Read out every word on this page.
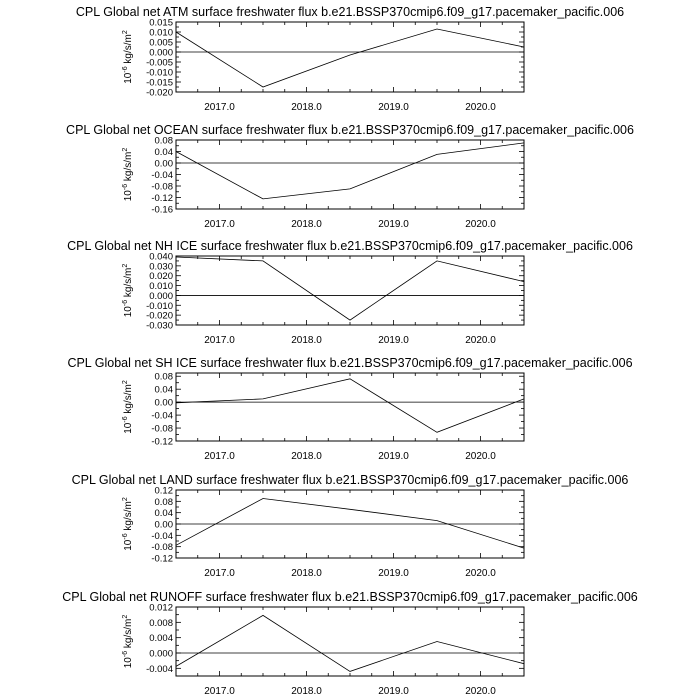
CPL Global net ATM surface freshwater flux b.e21.BSSP370cmip6.f09_g17.pacemaker_pacific.006
0.015
0.010
0.005
0.000
-0.005
-0.010
-0.015
-0.020
2017.0	2018.0	2019.0	2020.0
$10^{-6}$ $kg/s/m^2$
CPL Global net OCEAN surface freshwater flux b.e21.BSSP370cmip6.f09_g17.pacemaker_pacific.006
0.08
0.04
0.00
-0.04
-0.08
-0.12
-0.16
2017.0	2018.0	2019.0	2020.0
$10^{-6}$ $kg/s/m^2$
CPL Global net NH ICE surface freshwater flux b.e21.BSSP370cmip6.f09_g17.pacemaker_pacific.006
0.040
0.030
0.020
0.010
0.000
-0.010
-0.020
-0.030
2017.0	2018.0	2019.0	2020.0
$10^{-6}$ $kg/s/m^2$
CPL Global net SH ICE surface freshwater flux b.e21.BSSP370cmip6.f09_g17.pacemaker_pacific.006
0.08
0.04
0.00
-0.04
-0.08
-0.12
2017.0	2018.0	2019.0	2020.0
$10^{-6}$ $kg/s/m^2$
CPL Global net LAND surface freshwater flux b.e21.BSSP370cmip6.f09_g17.pacemaker_pacific.006
0.12
0.08
0.04
0.00
-0.04
-0.08
-0.12
2017.0	2018.0	2019.0	2020.0
$10^{-6}$ $kg/s/m^2$
CPL Global net RUNOFF surface freshwater flux b.e21.BSSP370cmip6.f09_g17.pacemaker_pacific.006
0.012
0.008
0.004
0.000
-0.004
2017.0	2018.0	2019.0	2020.0
$10^{-6}$ $kg/s/m^2$
